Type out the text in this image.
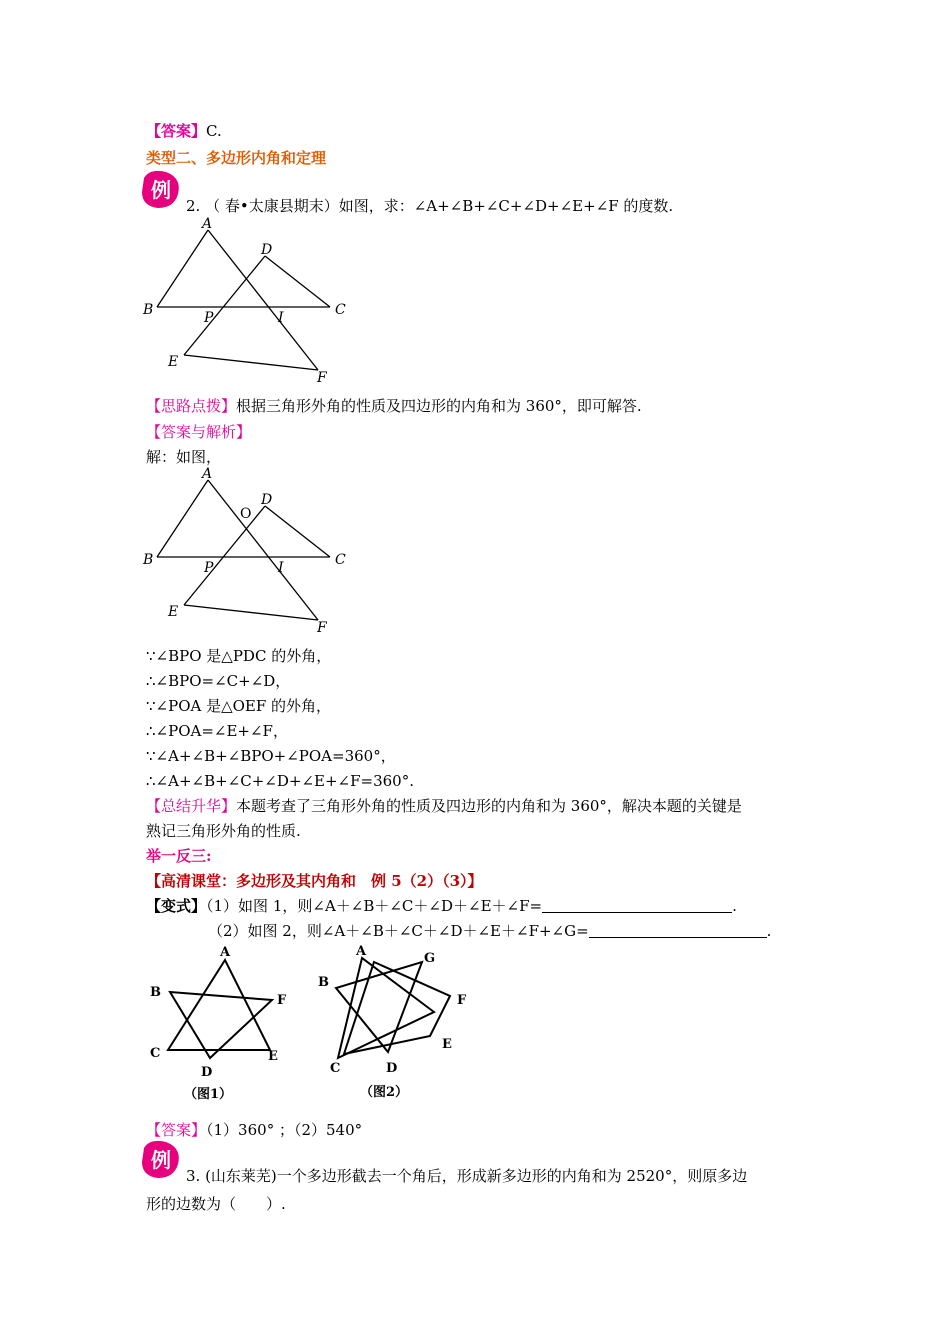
【答案】C.
类型二、多边形内角和定理
例
2. （ 春•太康县期末）如图，求：∠A+∠B+∠C+∠D+∠E+∠F 的度数.
A
B	C
D
E
F
P	I
【思路点拨】根据三角形外角的性质及四边形的内角和为 360°，即可解答.
【答案与解析】
解：如图，
A
B	C
D
E
F
P	I
O
∵∠BPO 是△PDC 的外角，
∴∠BPO=∠C+∠D，
∵∠POA 是△OEF 的外角，
∴∠POA=∠E+∠F，
∵∠A+∠B+∠BPO+∠POA=360°，
∴∠A+∠B+∠C+∠D+∠E+∠F=360°.
【总结升华】本题考查了三角形外角的性质及四边形的内角和为 360°，解决本题的关键是
熟记三角形外角的性质.
举一反三:
【高清课堂：多边形及其内角和　例 5（2）（3）】
【变式】（1）如图 1，则∠A＋∠B＋∠C＋∠D＋∠E＋∠F=	.
（2）如图 2，则∠A＋∠B＋∠C＋∠D＋∠E＋∠F+∠G=	.
A
B
C
D
E
F
（图1）
A
B
C	D
E
F
G
（图2）
【答案】（1）360° ；（2）540°
例
3. (山东莱芜)一个多边形截去一个角后，形成新多边形的内角和为 2520°，则原多边
形的边数为（　　）.
